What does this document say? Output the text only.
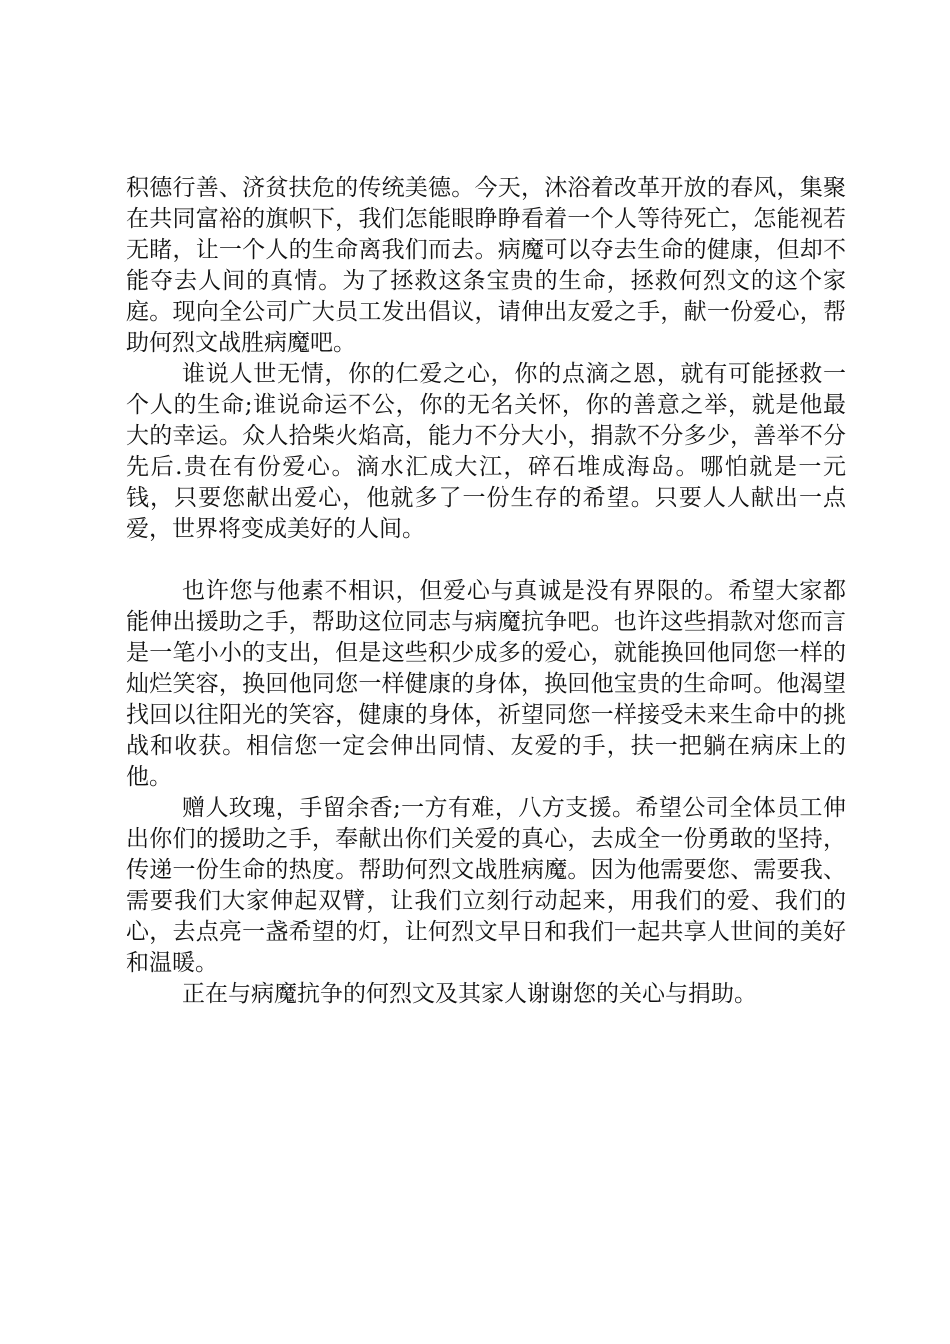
积德行善、济贫扶危的传统美德。今天，沐浴着改革开放的春风，集聚在共同富裕的旗帜下，我们怎能眼睁睁看着一个人等待死亡，怎能视若无睹，让一个人的生命离我们而去。病魔可以夺去生命的健康，但却不能夺去人间的真情。为了拯救这条宝贵的生命，拯救何烈文的这个家庭。现向全公司广大员工发出倡议，请伸出友爱之手，献一份爱心，帮助何烈文战胜病魔吧。

谁说人世无情，你的仁爱之心，你的点滴之恩，就有可能拯救一个人的生命;谁说命运不公，你的无名关怀，你的善意之举，就是他最大的幸运。众人拾柴火焰高，能力不分大小，捐款不分多少，善举不分先后.贵在有份爱心。滴水汇成大江，碎石堆成海岛。哪怕就是一元钱，只要您献出爱心，他就多了一份生存的希望。只要人人献出一点爱，世界将变成美好的人间。

也许您与他素不相识，但爱心与真诚是没有界限的。希望大家都能伸出援助之手，帮助这位同志与病魔抗争吧。也许这些捐款对您而言是一笔小小的支出，但是这些积少成多的爱心，就能换回他同您一样的灿烂笑容，换回他同您一样健康的身体，换回他宝贵的生命呵。他渴望找回以往阳光的笑容，健康的身体，祈望同您一样接受未来生命中的挑战和收获。相信您一定会伸出同情、友爱的手，扶一把躺在病床上的他。

赠人玫瑰，手留余香;一方有难，八方支援。希望公司全体员工伸出你们的援助之手，奉献出你们关爱的真心，去成全一份勇敢的坚持，传递一份生命的热度。帮助何烈文战胜病魔。因为他需要您、需要我、需要我们大家伸起双臂，让我们立刻行动起来，用我们的爱、我们的心，去点亮一盏希望的灯，让何烈文早日和我们一起共享人世间的美好和温暖。

正在与病魔抗争的何烈文及其家人谢谢您的关心与捐助。
